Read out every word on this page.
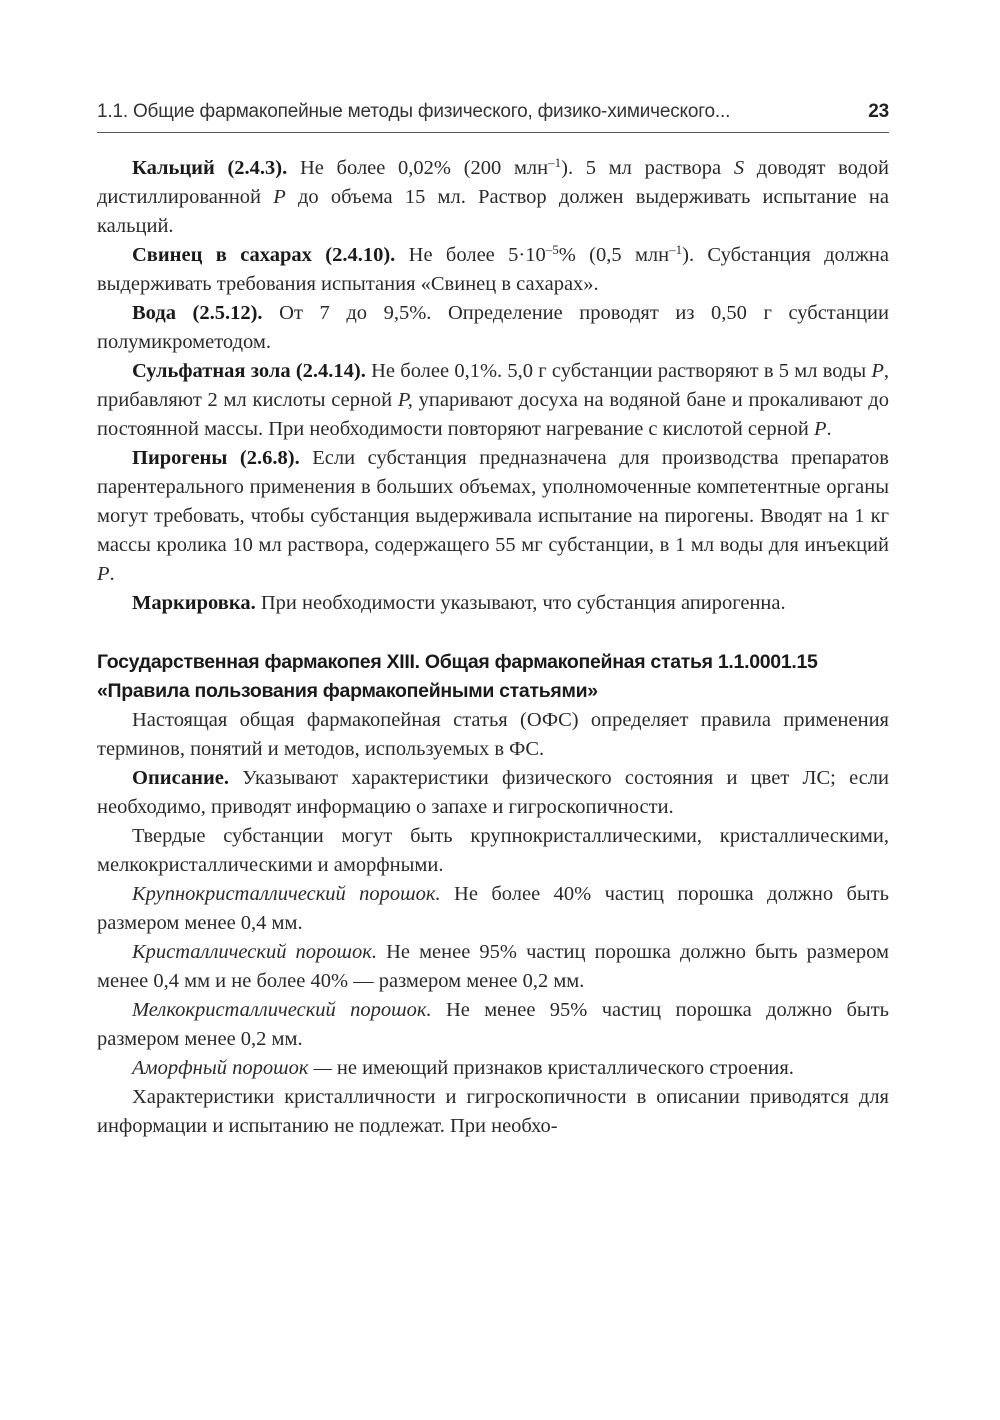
1.1. Общие фармакопейные методы физического, физико-химического...	23

Кальций (2.4.3). Не более 0,02% (200 млн$^{-1}$). 5 мл раствора S доводят водой дистиллированной P до объема 15 мл. Раствор должен выдерживать испытание на кальций.

Свинец в сахарах (2.4.10). Не более $5\cdot 10^{-5}\%$ (0,5 млн$^{-1}$). Субстанция должна выдерживать требования испытания «Свинец в сахарах».

Вода (2.5.12). От 7 до 9,5%. Определение проводят из 0,50 г субстанции полумикрометодом.

Сульфатная зола (2.4.14). Не более 0,1%. 5,0 г субстанции растворяют в 5 мл воды P, прибавляют 2 мл кислоты серной P, упаривают досуха на водяной бане и прокаливают до постоянной массы. При необходимости повторяют нагревание с кислотой серной P.

Пирогены (2.6.8). Если субстанция предназначена для производства препаратов парентерального применения в больших объемах, уполномоченные компетентные органы могут требовать, чтобы субстанция выдерживала испытание на пирогены. Вводят на 1 кг массы кролика 10 мл раствора, содержащего 55 мг субстанции, в 1 мл воды для инъекций P.

Маркировка. При необходимости указывают, что субстанция апирогенна.

Государственная фармакопея XIII. Общая фармакопейная статья 1.1.0001.15
«Правила пользования фармакопейными статьями»

Настоящая общая фармакопейная статья (ОФС) определяет правила применения терминов, понятий и методов, используемых в ФС.

Описание. Указывают характеристики физического состояния и цвет ЛС; если необходимо, приводят информацию о запахе и гигроскопичности.

Твердые субстанции могут быть крупнокристаллическими, кристаллическими, мелкокристаллическими и аморфными.

Крупнокристаллический порошок. Не более 40% частиц порошка должно быть размером менее 0,4 мм.

Кристаллический порошок. Не менее 95% частиц порошка должно быть размером менее 0,4 мм и не более 40% — размером менее 0,2 мм.

Мелкокристаллический порошок. Не менее 95% частиц порошка должно быть размером менее 0,2 мм.

Аморфный порошок — не имеющий признаков кристаллического строения.

Характеристики кристалличности и гигроскопичности в описании приводятся для информации и испытанию не подлежат. При необхо-
